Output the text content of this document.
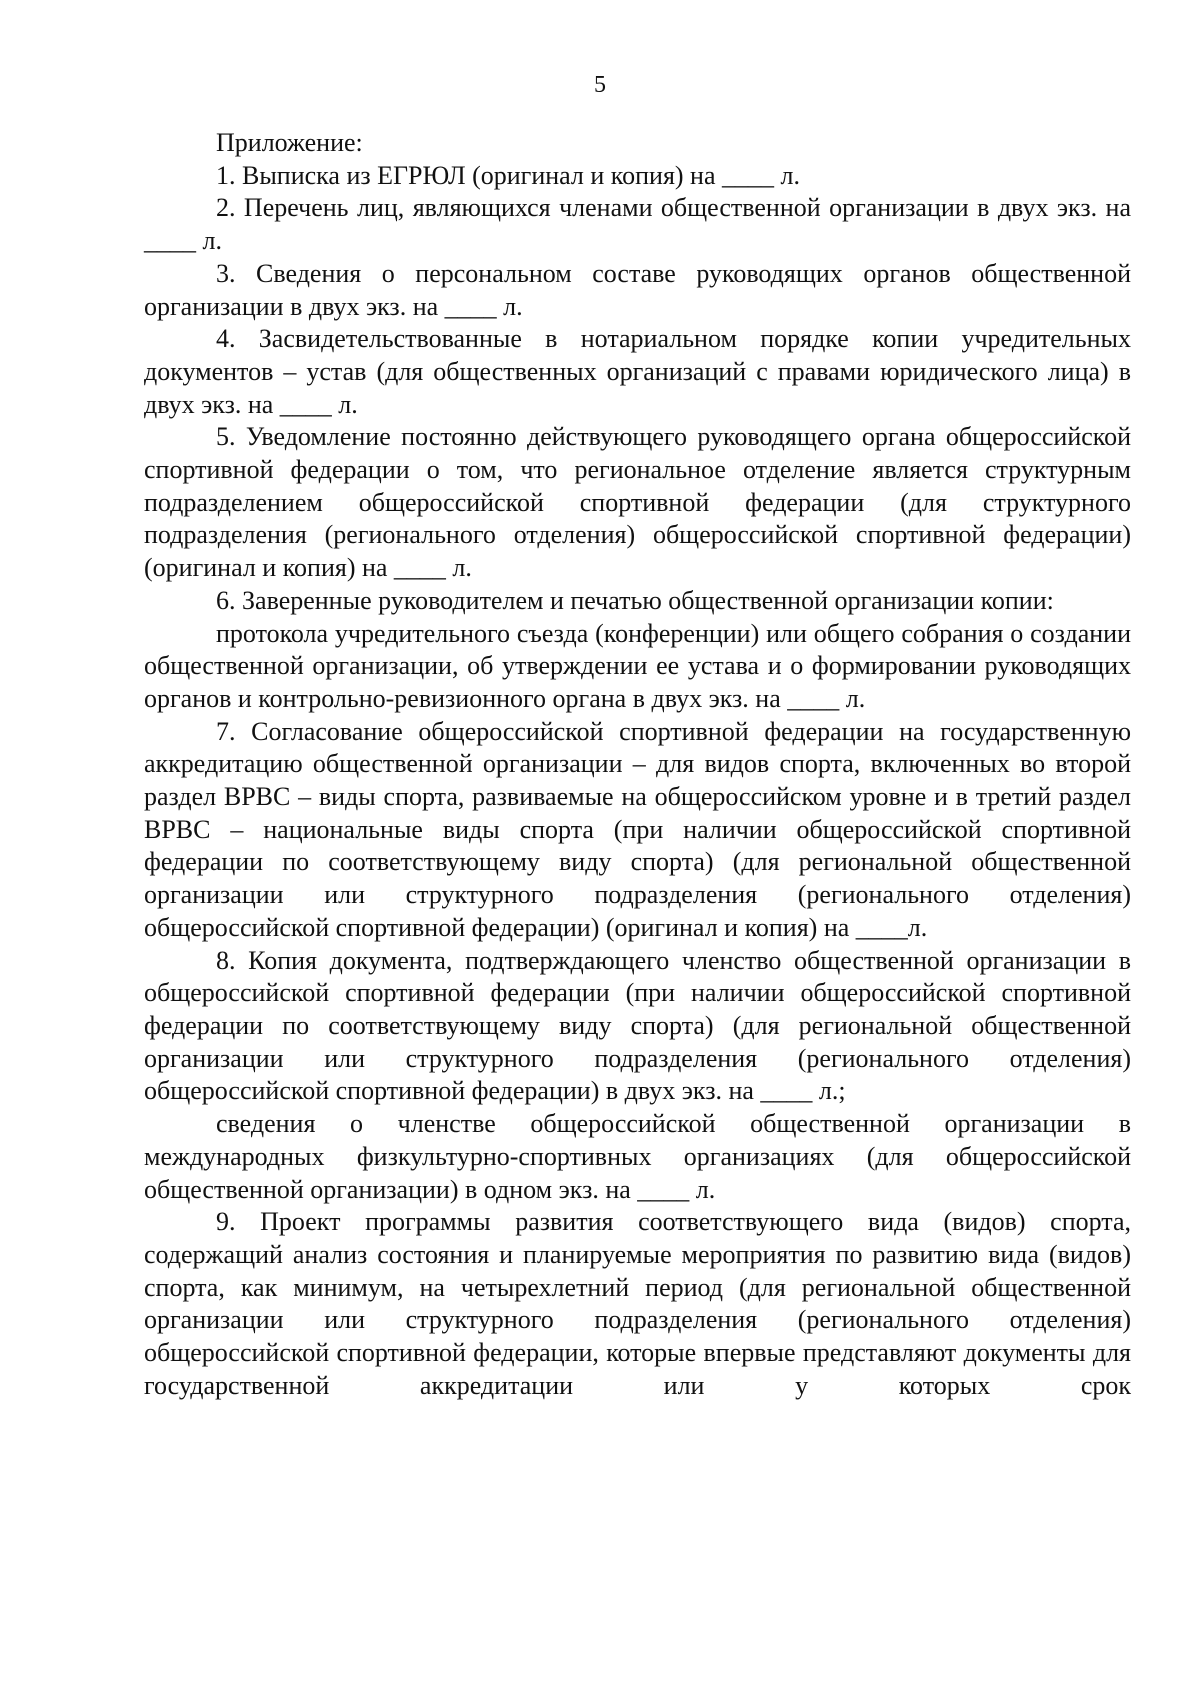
5

Приложение:

1. Выписка из ЕГРЮЛ (оригинал и копия) на ____ л.

2. Перечень лиц, являющихся членами общественной организации в двух экз. на ____ л.

3. Сведения о персональном составе руководящих органов общественной организации в двух экз. на ____ л.

4. Засвидетельствованные в нотариальном порядке копии учредительных документов – устав (для общественных организаций с правами юридического лица) в двух экз. на ____ л.

5. Уведомление постоянно действующего руководящего органа общероссийской спортивной федерации о том, что региональное отделение является структурным подразделением общероссийской спортивной федерации (для структурного подразделения (регионального отделения) общероссийской спортивной федерации) (оригинал и копия) на ____ л.

6. Заверенные руководителем и печатью общественной организации копии:

протокола учредительного съезда (конференции) или общего собрания о создании общественной организации, об утверждении ее устава и о формировании руководящих органов и контрольно-ревизионного органа в двух экз. на ____ л.

7. Согласование общероссийской спортивной федерации на государственную аккредитацию общественной организации – для видов спорта, включенных во второй раздел ВРВС – виды спорта, развиваемые на общероссийском уровне и в третий раздел ВРВС – национальные виды спорта (при наличии общероссийской спортивной федерации по соответствующему виду спорта) (для региональной общественной организации или структурного подразделения (регионального отделения) общероссийской спортивной федерации) (оригинал и копия) на ____л.

8. Копия документа, подтверждающего членство общественной организации в общероссийской спортивной федерации (при наличии общероссийской спортивной федерации по соответствующему виду спорта) (для региональной общественной организации или структурного подразделения (регионального отделения) общероссийской спортивной федерации) в двух экз. на ____ л.;

сведения о членстве общероссийской общественной организации в международных физкультурно-спортивных организациях (для общероссийской общественной организации) в одном экз. на ____ л.

9. Проект программы развития соответствующего вида (видов) спорта, содержащий анализ состояния и планируемые мероприятия по развитию вида (видов) спорта, как минимум, на четырехлетний период (для региональной общественной организации или структурного подразделения (регионального отделения) общероссийской спортивной федерации, которые впервые представляют документы для государственной аккредитации или у которых срок
